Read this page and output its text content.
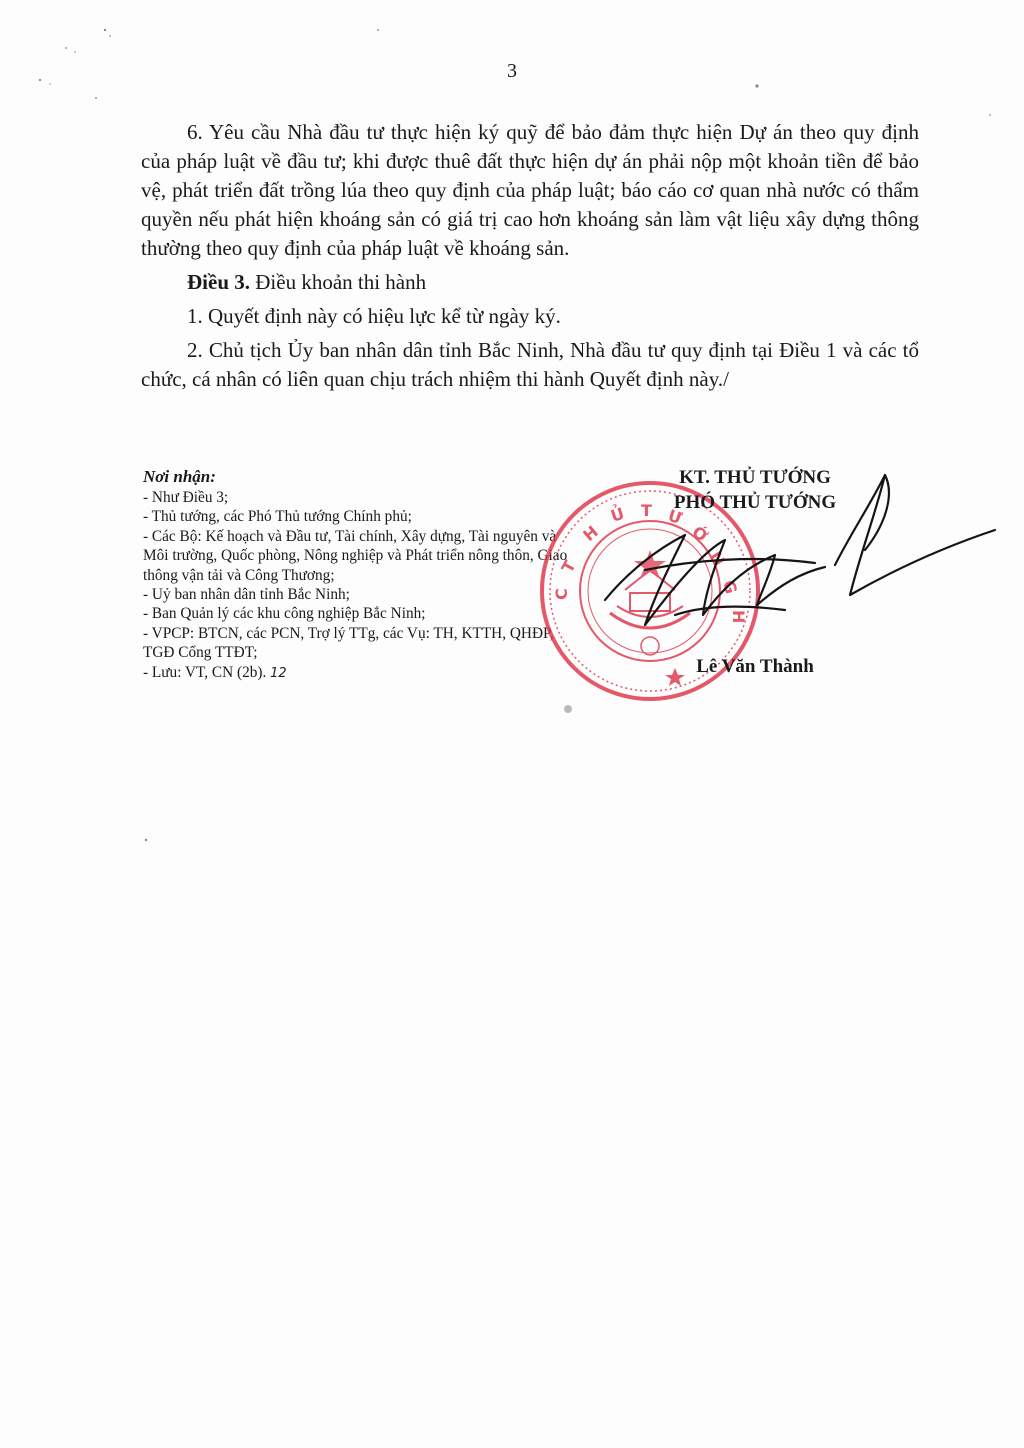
3

6. Yêu cầu Nhà đầu tư thực hiện ký quỹ để bảo đảm thực hiện Dự án theo quy định của pháp luật về đầu tư; khi được thuê đất thực hiện dự án phải nộp một khoản tiền để bảo vệ, phát triển đất trồng lúa theo quy định của pháp luật; báo cáo cơ quan nhà nước có thẩm quyền nếu phát hiện khoáng sản có giá trị cao hơn khoáng sản làm vật liệu xây dựng thông thường theo quy định của pháp luật về khoáng sản.

Điều 3. Điều khoản thi hành

1. Quyết định này có hiệu lực kể từ ngày ký.

2. Chủ tịch Ủy ban nhân dân tỉnh Bắc Ninh, Nhà đầu tư quy định tại Điều 1 và các tổ chức, cá nhân có liên quan chịu trách nhiệm thi hành Quyết định này./

Nơi nhận:
- Như Điều 3;
- Thủ tướng, các Phó Thủ tướng Chính phủ;
- Các Bộ: Kế hoạch và Đầu tư, Tài chính, Xây dựng, Tài nguyên và Môi trường, Quốc phòng, Nông nghiệp và Phát triển nông thôn, Giao thông vận tải và Công Thương;
- Uỷ ban nhân dân tỉnh Bắc Ninh;
- Ban Quản lý các khu công nghiệp Bắc Ninh;
- VPCP: BTCN, các PCN, Trợ lý TTg, các Vụ: TH, KTTH, QHĐP, TGĐ Cổng TTĐT;
- Lưu: VT, CN (2b). 12
T
H
Ủ T Ư
Ớ
N
G
C
H
KT. THỦ TƯỚNG
PHÓ THỦ TƯỚNG
Lê Văn Thành
